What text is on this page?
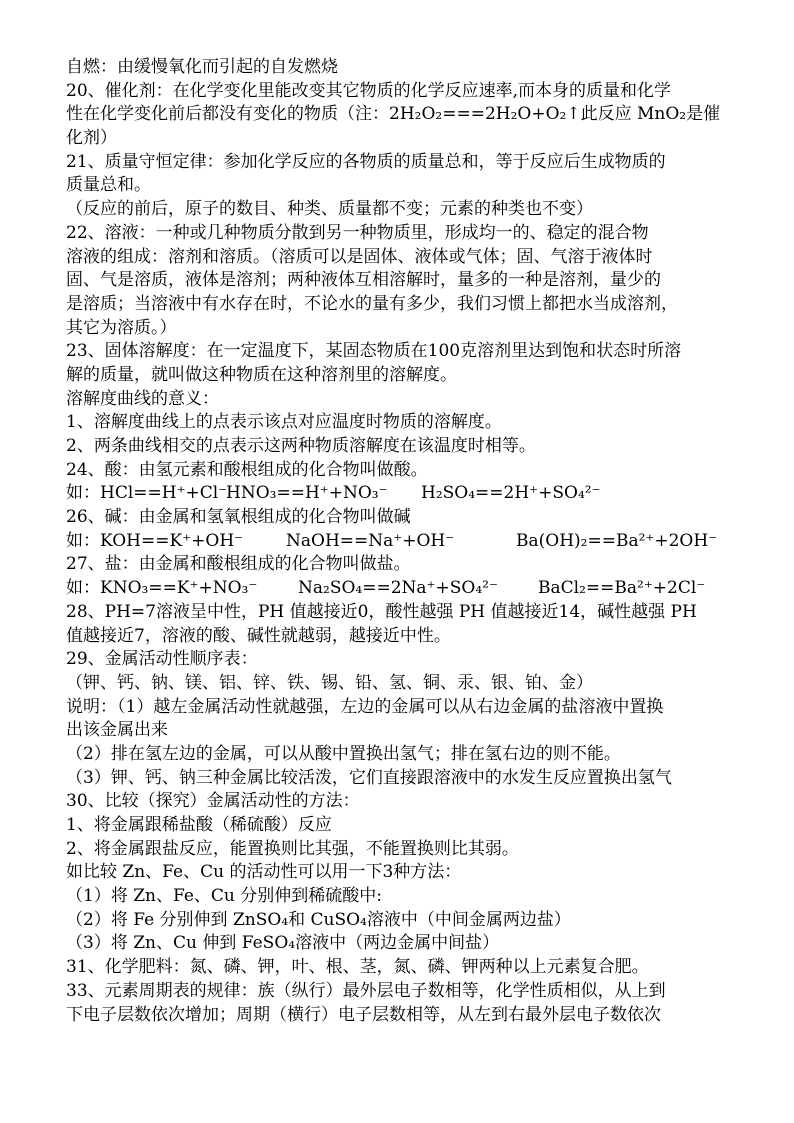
自燃：由缓慢氧化而引起的自发燃烧
20、催化剂：在化学变化里能改变其它物质的化学反应速率,而本身的质量和化学
性在化学变化前后都没有变化的物质（注：2H₂O₂===2H₂O+O₂↑此反应 MnO₂是催
化剂）
21、质量守恒定律：参加化学反应的各物质的质量总和，等于反应后生成物质的
质量总和。
（反应的前后，原子的数目、种类、质量都不变；元素的种类也不变）
22、溶液：一种或几种物质分散到另一种物质里，形成均一的、稳定的混合物
溶液的组成：溶剂和溶质。（溶质可以是固体、液体或气体；固、气溶于液体时
固、气是溶质，液体是溶剂；两种液体互相溶解时，量多的一种是溶剂，量少的
是溶质；当溶液中有水存在时，不论水的量有多少，我们习惯上都把水当成溶剂，
其它为溶质。）
23、固体溶解度：在一定温度下，某固态物质在100克溶剂里达到饱和状态时所溶
解的质量，就叫做这种物质在这种溶剂里的溶解度。
溶解度曲线的意义：
1、溶解度曲线上的点表示该点对应温度时物质的溶解度。
2、两条曲线相交的点表示这两种物质溶解度在该温度时相等。
24、酸：由氢元素和酸根组成的化合物叫做酸。
如：HCl==H⁺+Cl⁻
HNO₃==H⁺+NO₃⁻	H₂SO₄==2H⁺+SO₄²⁻
26、碱：由金属和氢氧根组成的化合物叫做碱
如：KOH==K⁺+OH⁻	NaOH==Na⁺+OH⁻	Ba(OH)₂==Ba²⁺+2OH⁻
27、盐：由金属和酸根组成的化合物叫做盐。
如：KNO₃==K⁺+NO₃⁻	Na₂SO₄==2Na⁺+SO₄²⁻	BaCl₂==Ba²⁺+2Cl⁻
28、PH=7溶液呈中性，PH 值越接近0，酸性越强 PH 值越接近14，碱性越强 PH
值越接近7，溶液的酸、碱性就越弱，越接近中性。
29、金属活动性顺序表：
（钾、钙、钠、镁、铝、锌、铁、锡、铅、氢、铜、汞、银、铂、金）
说明：（1）越左金属活动性就越强，左边的金属可以从右边金属的盐溶液中置换
出该金属出来
（2）排在氢左边的金属，可以从酸中置换出氢气；排在氢右边的则不能。
（3）钾、钙、钠三种金属比较活泼，它们直接跟溶液中的水发生反应置换出氢气
30、比较（探究）金属活动性的方法：
1、将金属跟稀盐酸（稀硫酸）反应
2、将金属跟盐反应，能置换则比其强，不能置换则比其弱。
如比较 Zn、Fe、Cu 的活动性可以用一下3种方法：
（1）将 Zn、Fe、Cu 分别伸到稀硫酸中:
（2）将 Fe 分别伸到 ZnSO₄和 CuSO₄溶液中（中间金属两边盐）
（3）将 Zn、Cu 伸到 FeSO₄溶液中（两边金属中间盐）
31、化学肥料：氮、磷、钾，叶、根、茎，氮、磷、钾两种以上元素复合肥。
33、元素周期表的规律：族（纵行）最外层电子数相等，化学性质相似，从上到
下电子层数依次增加；周期（横行）电子层数相等，从左到右最外层电子数依次
